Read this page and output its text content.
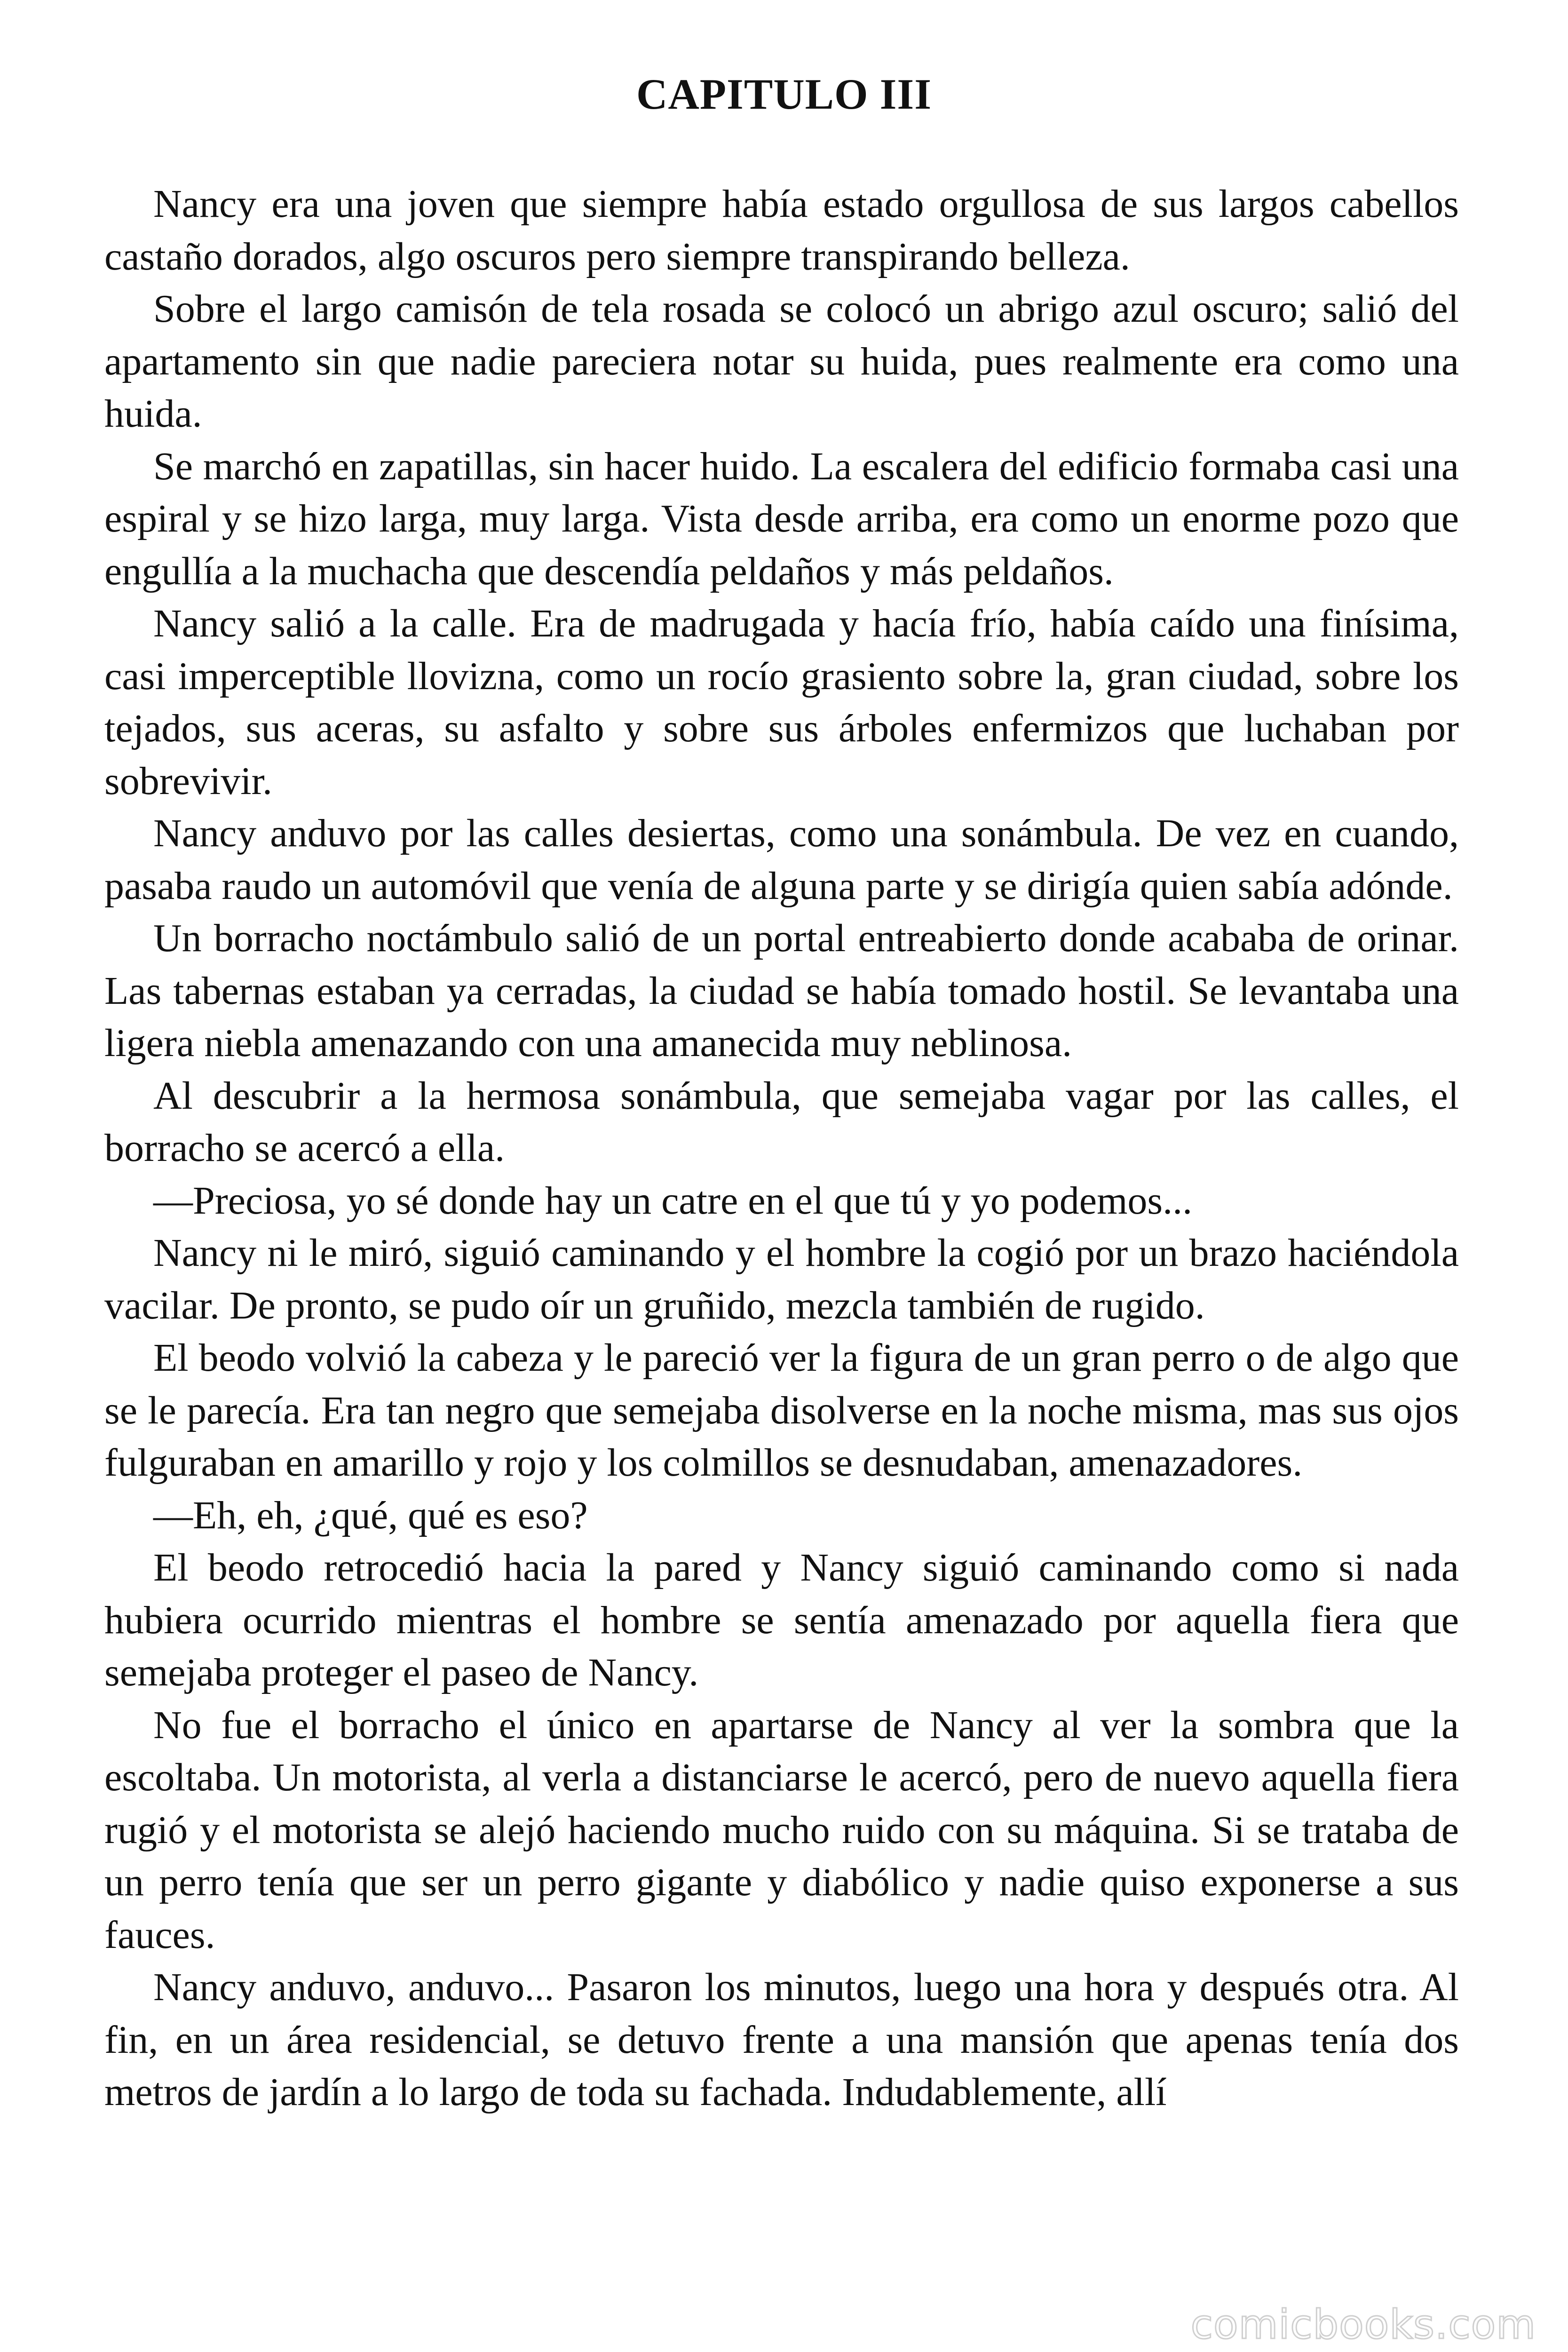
CAPITULO III

Nancy era una joven que siempre había estado orgullosa de sus largos cabellos castaño dorados, algo oscuros pero siempre transpirando belleza.

Sobre el largo camisón de tela rosada se colocó un abrigo azul oscuro; salió del apartamento sin que nadie pareciera notar su huida, pues realmente era como una huida.

Se marchó en zapatillas, sin hacer huido. La escalera del edificio formaba casi una espiral y se hizo larga, muy larga. Vista desde arriba, era como un enorme pozo que engullía a la muchacha que descendía peldaños y más peldaños.

Nancy salió a la calle. Era de madrugada y hacía frío, había caído una finísima, casi imperceptible llovizna, como un rocío grasiento sobre la, gran ciudad, sobre los tejados, sus aceras, su asfalto y sobre sus árboles enfermizos que luchaban por sobrevivir.

Nancy anduvo por las calles desiertas, como una sonámbula. De vez en cuando, pasaba raudo un automóvil que venía de alguna parte y se dirigía quien sabía adónde.

Un borracho noctámbulo salió de un portal entreabierto donde acababa de orinar. Las tabernas estaban ya cerradas, la ciudad se había tomado hostil. Se levantaba una ligera niebla amenazando con una amanecida muy neblinosa.

Al descubrir a la hermosa sonámbula, que semejaba vagar por las calles, el borracho se acercó a ella.

—Preciosa, yo sé donde hay un catre en el que tú y yo podemos...

Nancy ni le miró, siguió caminando y el hombre la cogió por un brazo haciéndola vacilar. De pronto, se pudo oír un gruñido, mezcla también de rugido.

El beodo volvió la cabeza y le pareció ver la figura de un gran perro o de algo que se le parecía. Era tan negro que semejaba disolverse en la noche misma, mas sus ojos fulguraban en amarillo y rojo y los colmillos se desnudaban, amenazadores.

—Eh, eh, ¿qué, qué es eso?

El beodo retrocedió hacia la pared y Nancy siguió caminando como si nada hubiera ocurrido mientras el hombre se sentía amenazado por aquella fiera que semejaba proteger el paseo de Nancy.

No fue el borracho el único en apartarse de Nancy al ver la sombra que la escoltaba. Un motorista, al verla a distanciarse le acercó, pero de nuevo aquella fiera rugió y el motorista se alejó haciendo mucho ruido con su máquina. Si se trataba de un perro tenía que ser un perro gigante y diabólico y nadie quiso exponerse a sus fauces.

Nancy anduvo, anduvo... Pasaron los minutos, luego una hora y después otra. Al fin, en un área residencial, se detuvo frente a una mansión que apenas tenía dos metros de jardín a lo largo de toda su fachada. Indudablemente, allí

comicbooks.com
